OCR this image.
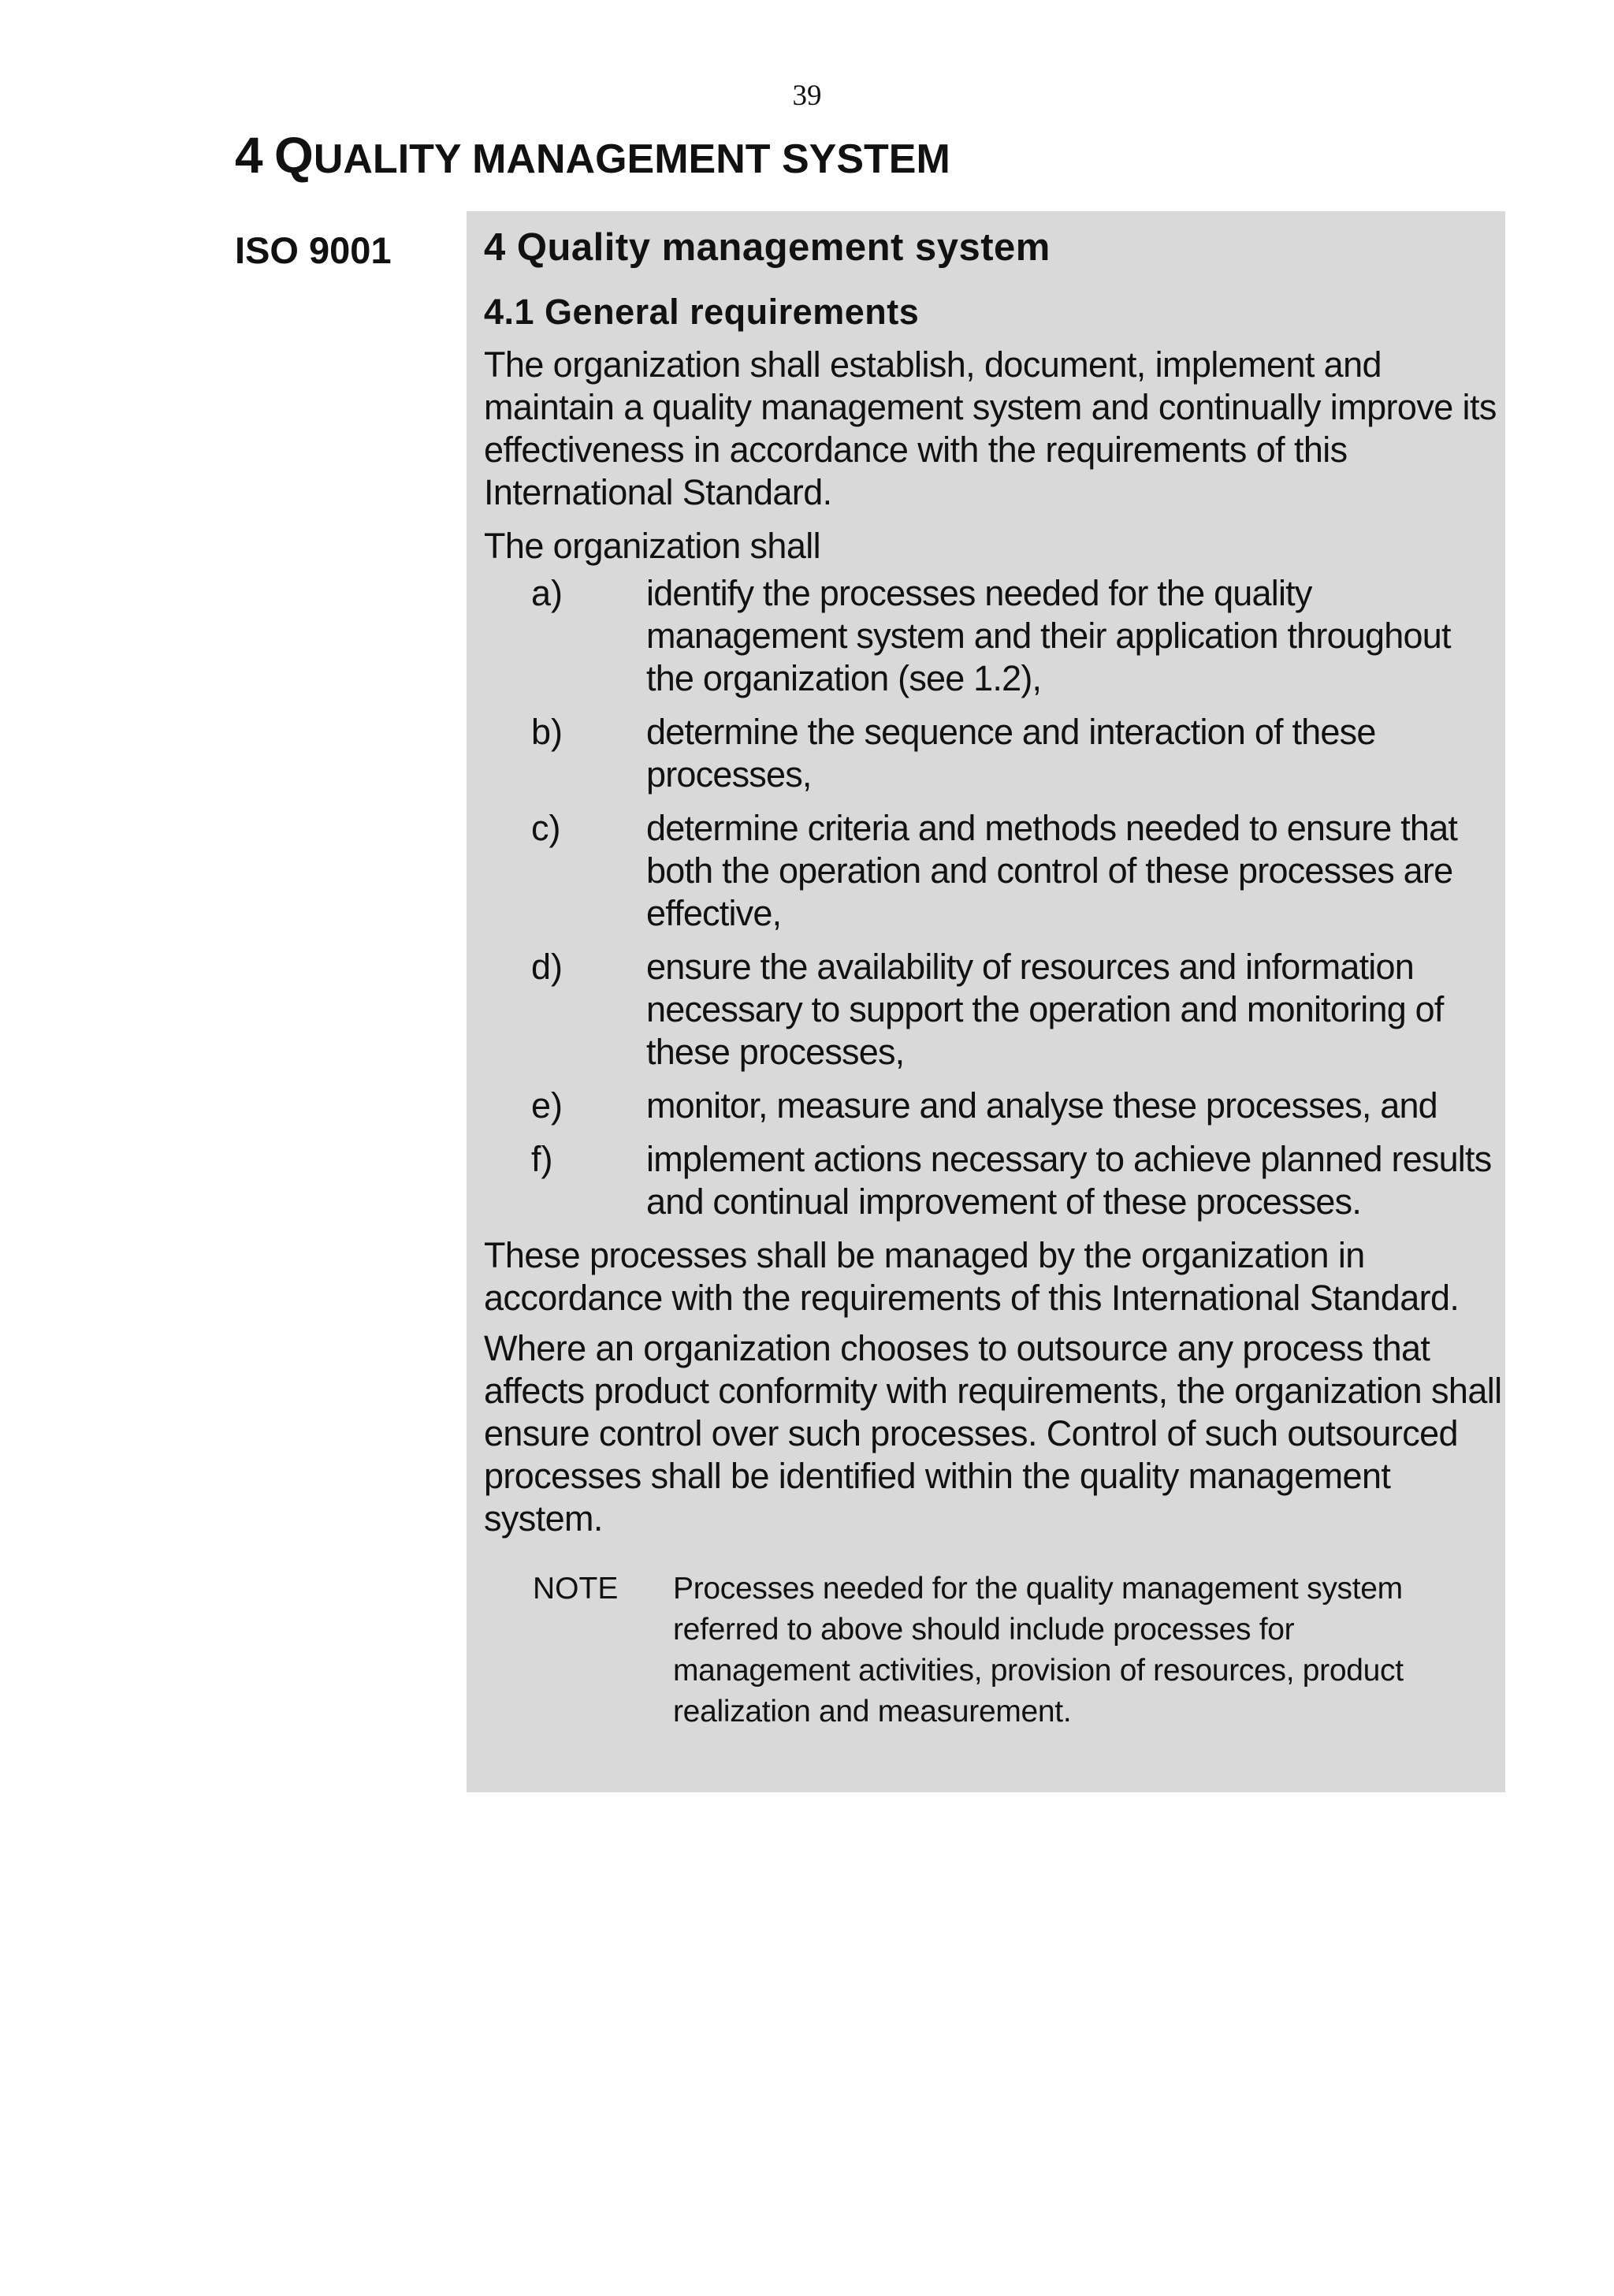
39
4 QUALITY MANAGEMENT SYSTEM
ISO 9001 4 Quality management system
4.1 General requirements

The organization shall establish, document, implement and maintain a quality management system and continually improve its effectiveness in accordance with the requirements of this International Standard.

The organization shall

a)	identify the processes needed for the quality management system and their application throughout the organization (see 1.2),
b)	determine the sequence and interaction of these processes,
c)	determine criteria and methods needed to ensure that both the operation and control of these processes are effective,
d)	ensure the availability of resources and information necessary to support the operation and monitoring of these processes,
e)	monitor, measure and analyse these processes, and
f)	implement actions necessary to achieve planned results and continual improvement of these processes.

These processes shall be managed by the organization in accordance with the requirements of this International Standard.

Where an organization chooses to outsource any process that affects product conformity with requirements, the organization shall ensure control over such processes. Control of such outsourced processes shall be identified within the quality management system.

NOTE	Processes needed for the quality management system referred to above should include processes for management activities, provision of resources, product realization and measurement.
